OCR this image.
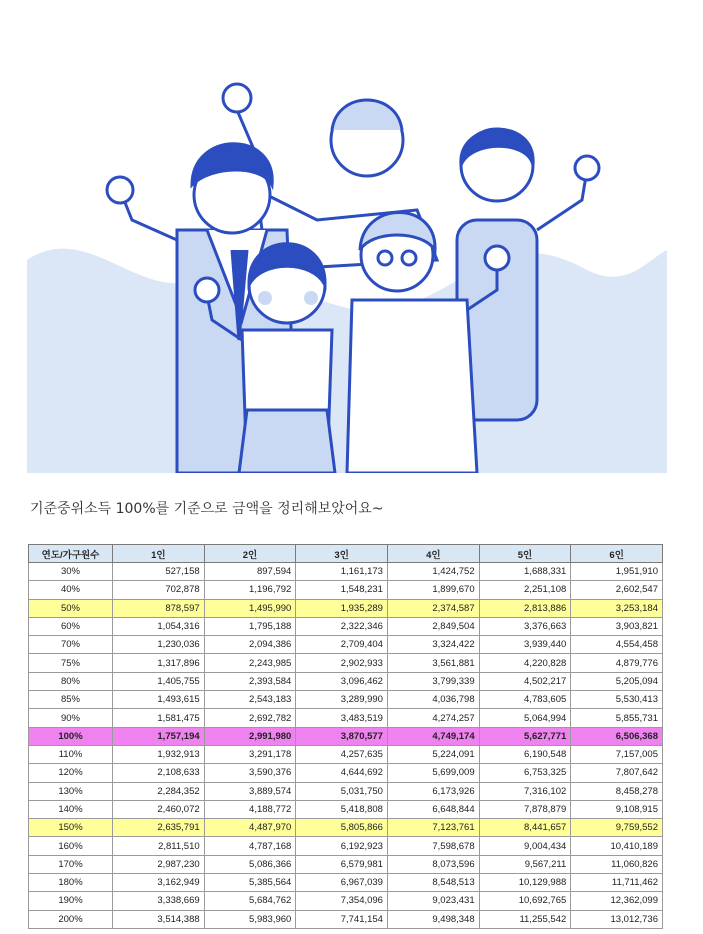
기준중위소득 100%를 기준으로 금액을 정리해보았어요~
연도/가구원수	1인	2인	3인	4인	5인	6인
30%	527,158	897,594	1,161,173	1,424,752	1,688,331	1,951,910
40%	702,878	1,196,792	1,548,231	1,899,670	2,251,108	2,602,547
50%	878,597	1,495,990	1,935,289	2,374,587	2,813,886	3,253,184
60%	1,054,316	1,795,188	2,322,346	2,849,504	3,376,663	3,903,821
70%	1,230,036	2,094,386	2,709,404	3,324,422	3,939,440	4,554,458
75%	1,317,896	2,243,985	2,902,933	3,561,881	4,220,828	4,879,776
80%	1,405,755	2,393,584	3,096,462	3,799,339	4,502,217	5,205,094
85%	1,493,615	2,543,183	3,289,990	4,036,798	4,783,605	5,530,413
90%	1,581,475	2,692,782	3,483,519	4,274,257	5,064,994	5,855,731
100%	1,757,194	2,991,980	3,870,577	4,749,174	5,627,771	6,506,368
110%	1,932,913	3,291,178	4,257,635	5,224,091	6,190,548	7,157,005
120%	2,108,633	3,590,376	4,644,692	5,699,009	6,753,325	7,807,642
130%	2,284,352	3,889,574	5,031,750	6,173,926	7,316,102	8,458,278
140%	2,460,072	4,188,772	5,418,808	6,648,844	7,878,879	9,108,915
150%	2,635,791	4,487,970	5,805,866	7,123,761	8,441,657	9,759,552
160%	2,811,510	4,787,168	6,192,923	7,598,678	9,004,434	10,410,189
170%	2,987,230	5,086,366	6,579,981	8,073,596	9,567,211	11,060,826
180%	3,162,949	5,385,564	6,967,039	8,548,513	10,129,988	11,711,462
190%	3,338,669	5,684,762	7,354,096	9,023,431	10,692,765	12,362,099
200%	3,514,388	5,983,960	7,741,154	9,498,348	11,255,542	13,012,736
